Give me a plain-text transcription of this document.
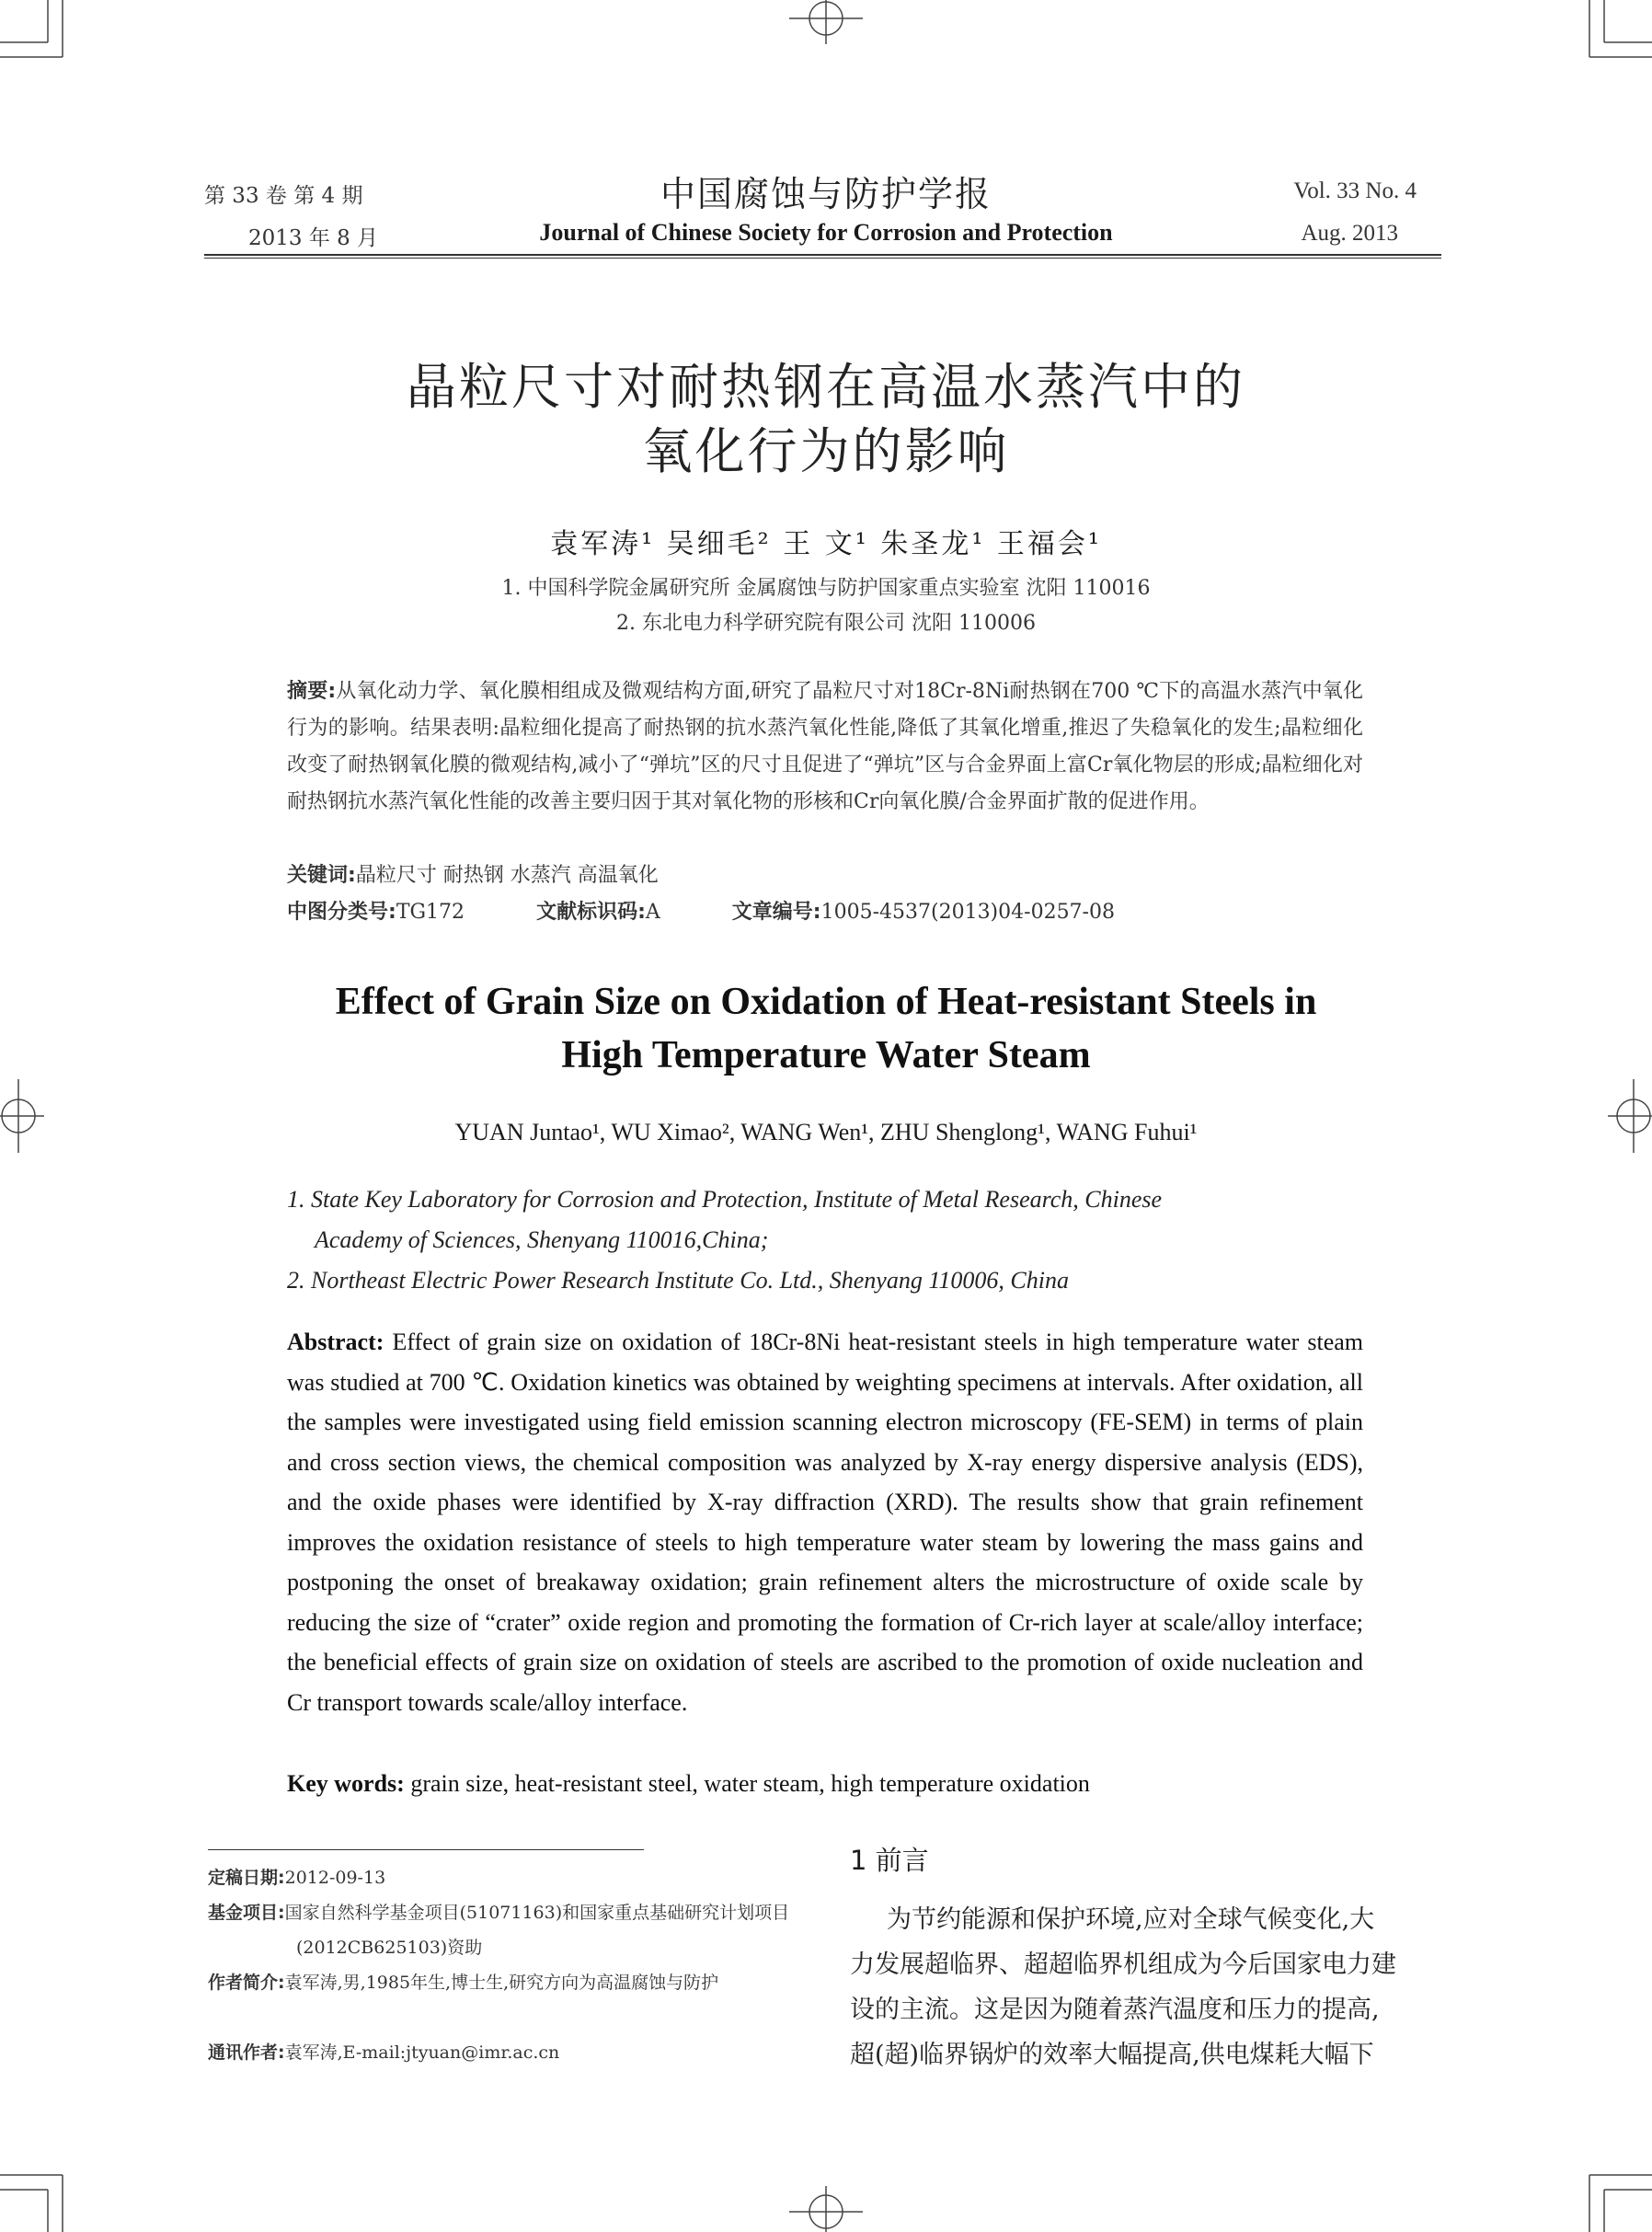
第 33 卷 第 4 期
2013 年 8 月
中国腐蚀与防护学报
Journal of Chinese Society for Corrosion and Protection
Vol. 33 No. 4
Aug. 2013
晶粒尺寸对耐热钢在高温水蒸汽中的
氧化行为的影响
袁军涛¹ 吴细毛² 王 文¹ 朱圣龙¹ 王福会¹
1. 中国科学院金属研究所 金属腐蚀与防护国家重点实验室 沈阳 110016
2. 东北电力科学研究院有限公司 沈阳 110006
摘要:从氧化动力学、氧化膜相组成及微观结构方面,研究了晶粒尺寸对18Cr-8Ni耐热钢在700 ℃下的高温水蒸汽中氧化行为的影响。结果表明:晶粒细化提高了耐热钢的抗水蒸汽氧化性能,降低了其氧化增重,推迟了失稳氧化的发生;晶粒细化改变了耐热钢氧化膜的微观结构,减小了“弹坑”区的尺寸且促进了“弹坑”区与合金界面上富Cr氧化物层的形成;晶粒细化对耐热钢抗水蒸汽氧化性能的改善主要归因于其对氧化物的形核和Cr向氧化膜/合金界面扩散的促进作用。
关键词:晶粒尺寸 耐热钢 水蒸汽 高温氧化
中图分类号:TG172	文献标识码:A	文章编号:1005-4537(2013)04-0257-08
Effect of Grain Size on Oxidation of Heat-resistant Steels in
High Temperature Water Steam
YUAN Juntao¹, WU Ximao², WANG Wen¹, ZHU Shenglong¹, WANG Fuhui¹
1. State Key Laboratory for Corrosion and Protection, Institute of Metal Research, Chinese
Academy of Sciences, Shenyang 110016,China;
2. Northeast Electric Power Research Institute Co. Ltd., Shenyang 110006, China
Abstract: Effect of grain size on oxidation of 18Cr-8Ni heat-resistant steels in high temperature water steam was studied at 700 ℃. Oxidation kinetics was obtained by weighting specimens at intervals. After oxidation, all the samples were investigated using field emission scanning electron microscopy (FE-SEM) in terms of plain and cross section views, the chemical composition was analyzed by X-ray energy dispersive analysis (EDS), and the oxide phases were identified by X-ray diffraction (XRD). The results show that grain refinement improves the oxidation resistance of steels to high temperature water steam by lowering the mass gains and postponing the onset of breakaway oxidation; grain refinement alters the microstructure of oxide scale by reducing the size of “crater” oxide region and promoting the formation of Cr-rich layer at scale/alloy interface; the beneficial effects of grain size on oxidation of steels are ascribed to the promotion of oxide nucleation and Cr transport towards scale/alloy interface.
Key words: grain size, heat-resistant steel, water steam, high temperature oxidation
定稿日期:2012-09-13
基金项目:国家自然科学基金项目(51071163)和国家重点基础研究计划项目(2012CB625103)资助
作者简介:袁军涛,男,1985年生,博士生,研究方向为高温腐蚀与防护
通讯作者:袁军涛,E-mail:jtyuan@imr.ac.cn
1 前言
为节约能源和保护环境,应对全球气候变化,大
力发展超临界、超超临界机组成为今后国家电力建
设的主流。这是因为随着蒸汽温度和压力的提高,
超(超)临界锅炉的效率大幅提高,供电煤耗大幅下
